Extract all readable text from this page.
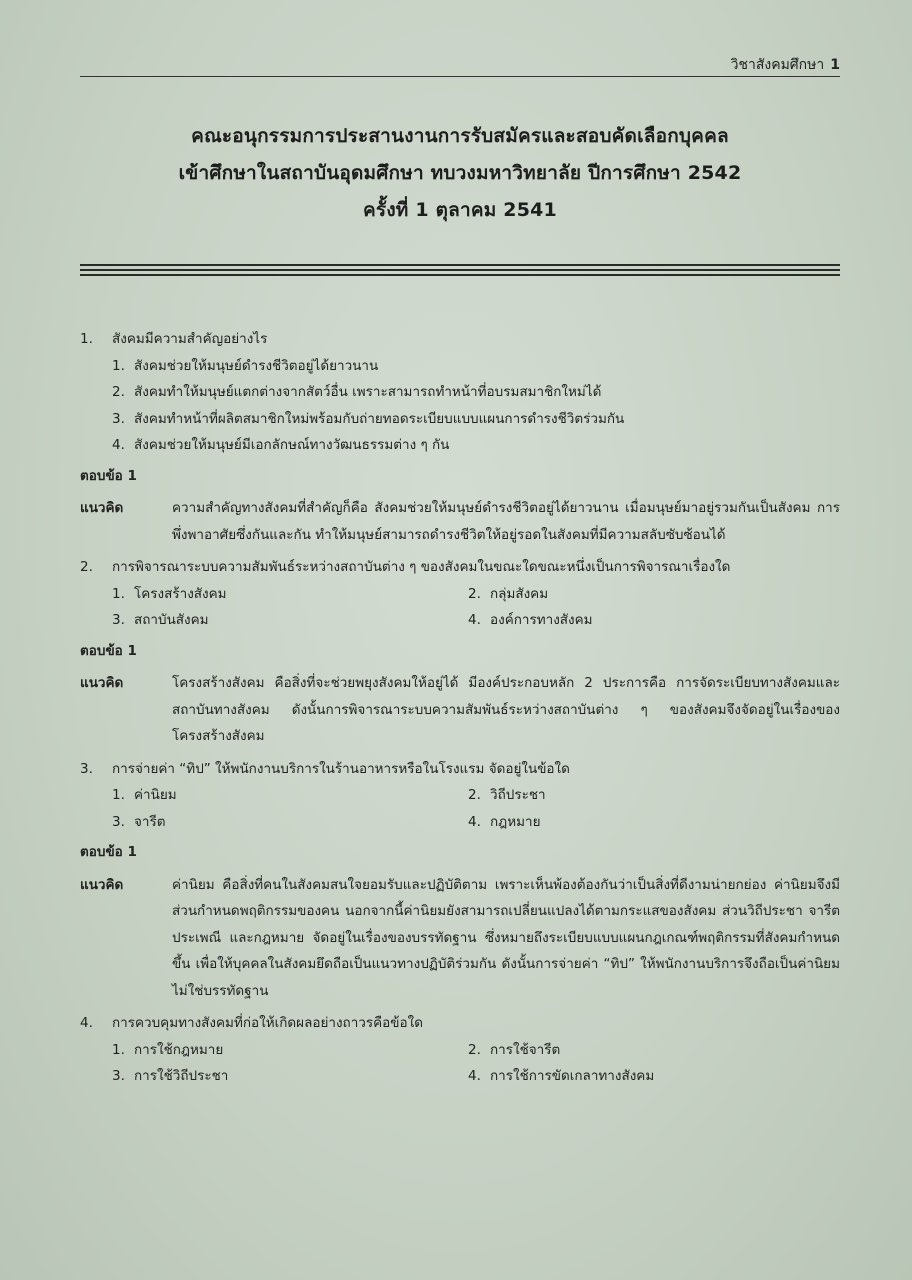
วิชาสังคมศึกษา 1
คณะอนุกรรมการประสานงานการรับสมัครและสอบคัดเลือกบุคคล
เข้าศึกษาในสถาบันอุดมศึกษา ทบวงมหาวิทยาลัย ปีการศึกษา 2542
ครั้งที่ 1 ตุลาคม 2541
1.	สังคมมีความสำคัญอย่างไร
1. สังคมช่วยให้มนุษย์ดำรงชีวิตอยู่ได้ยาวนาน
2. สังคมทำให้มนุษย์แตกต่างจากสัตว์อื่น เพราะสามารถทำหน้าที่อบรมสมาชิกใหม่ได้
3. สังคมทำหน้าที่ผลิตสมาชิกใหม่พร้อมกับถ่ายทอดระเบียบแบบแผนการดำรงชีวิตร่วมกัน
4. สังคมช่วยให้มนุษย์มีเอกลักษณ์ทางวัฒนธรรมต่าง ๆ กัน
ตอบข้อ 1
แนวคิด	ความสำคัญทางสังคมที่สำคัญก็คือ สังคมช่วยให้มนุษย์ดำรงชีวิตอยู่ได้ยาวนาน เมื่อมนุษย์มาอยู่รวมกันเป็นสังคม การพึ่งพาอาศัยซึ่งกันและกัน ทำให้มนุษย์สามารถดำรงชีวิตให้อยู่รอดในสังคมที่มีความสลับซับซ้อนได้
2.	การพิจารณาระบบความสัมพันธ์ระหว่างสถาบันต่าง ๆ ของสังคมในขณะใดขณะหนึ่งเป็นการพิจารณาเรื่องใด
1. โครงสร้างสังคม	2. กลุ่มสังคม
3. สถาบันสังคม	4. องค์การทางสังคม
ตอบข้อ 1
แนวคิด	โครงสร้างสังคม คือสิ่งที่จะช่วยพยุงสังคมให้อยู่ได้ มีองค์ประกอบหลัก 2 ประการคือ การจัดระเบียบทางสังคมและสถาบันทางสังคม ดังนั้นการพิจารณาระบบความสัมพันธ์ระหว่างสถาบันต่าง ๆ ของสังคมจึงจัดอยู่ในเรื่องของโครงสร้างสังคม
3.	การจ่ายค่า “ทิป” ให้พนักงานบริการในร้านอาหารหรือในโรงแรม จัดอยู่ในข้อใด
1. ค่านิยม	2. วิถีประชา
3. จารีต	4. กฎหมาย
ตอบข้อ 1
แนวคิด	ค่านิยม คือสิ่งที่คนในสังคมสนใจยอมรับและปฏิบัติตาม เพราะเห็นพ้องต้องกันว่าเป็นสิ่งที่ดีงามน่ายกย่อง ค่านิยมจึงมีส่วนกำหนดพฤติกรรมของคน นอกจากนี้ค่านิยมยังสามารถเปลี่ยนแปลงได้ตามกระแสของสังคม ส่วนวิถีประชา จารีตประเพณี และกฎหมาย จัดอยู่ในเรื่องของบรรทัดฐาน ซึ่งหมายถึงระเบียบแบบแผนกฎเกณฑ์พฤติกรรมที่สังคมกำหนดขึ้น เพื่อให้บุคคลในสังคมยึดถือเป็นแนวทางปฏิบัติร่วมกัน ดังนั้นการจ่ายค่า “ทิป” ให้พนักงานบริการจึงถือเป็นค่านิยม ไม่ใช่บรรทัดฐาน
4.	การควบคุมทางสังคมที่ก่อให้เกิดผลอย่างถาวรคือข้อใด
1. การใช้กฎหมาย	2. การใช้จารีต
3. การใช้วิถีประชา	4. การใช้การขัดเกลาทางสังคม
